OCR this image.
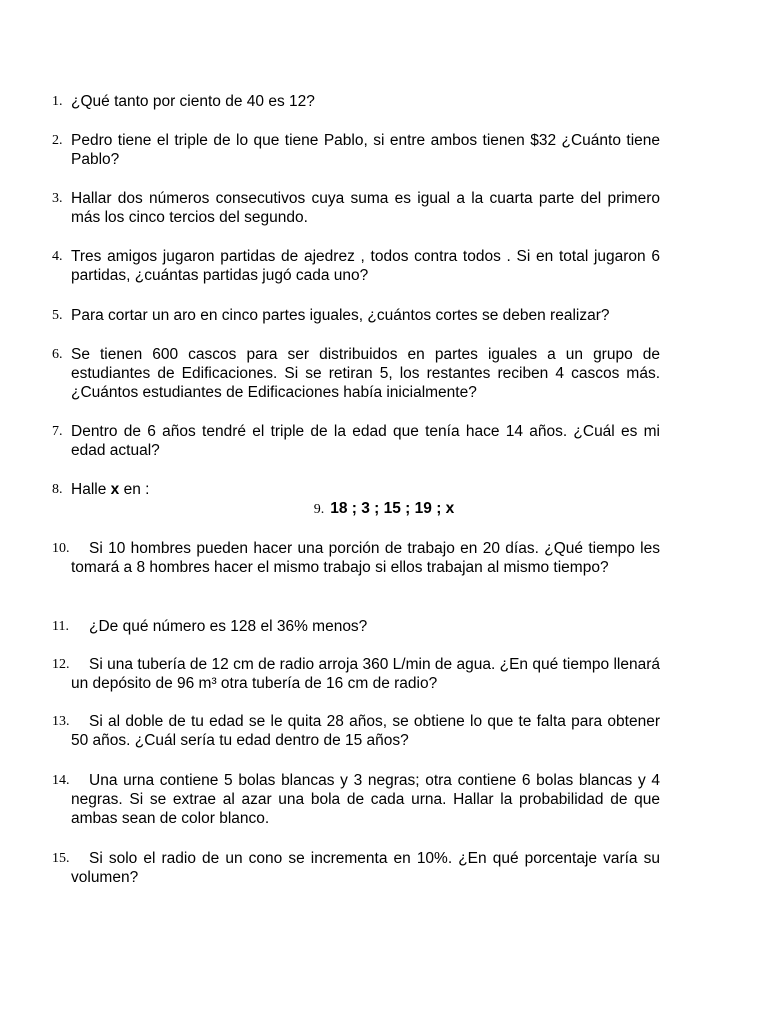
1. ¿Qué tanto por ciento de 40 es 12?
2. Pedro tiene el triple de lo que tiene Pablo, si entre ambos tienen $32 ¿Cuánto tiene Pablo?
3. Hallar dos números consecutivos cuya suma es igual a la cuarta parte del primero más los cinco tercios del segundo.
4. Tres amigos jugaron partidas de ajedrez , todos contra todos . Si en total jugaron 6 partidas, ¿cuántas partidas jugó cada uno?
5. Para cortar un aro en cinco partes iguales, ¿cuántos cortes se deben realizar?
6. Se tienen 600 cascos para ser distribuidos en partes iguales a un grupo de estudiantes de Edificaciones. Si se retiran 5, los restantes reciben 4 cascos más. ¿Cuántos estudiantes de Edificaciones había inicialmente?
7. Dentro de 6 años tendré el triple de la edad que tenía hace 14 años. ¿Cuál es mi edad actual?
8. Halle x en :
9. 18 ; 3 ; 15 ; 19 ; x
10.	Si 10 hombres pueden hacer una porción de trabajo en 20 días. ¿Qué tiempo les tomará a 8 hombres hacer el mismo trabajo si ellos trabajan al mismo tiempo?
11.	¿De qué número es 128 el 36% menos?
12.	Si una tubería de 12 cm de radio arroja 360 L/min de agua. ¿En qué tiempo llenará un depósito de 96 m³ otra tubería de 16 cm de radio?
13.	Si al doble de tu edad se le quita 28 años, se obtiene lo que te falta para obtener 50 años. ¿Cuál sería tu edad dentro de 15 años?
14.	Una urna contiene 5 bolas blancas y 3 negras; otra contiene 6 bolas blancas y 4 negras. Si se extrae al azar una bola de cada urna. Hallar la probabilidad de que ambas sean de color blanco.
15.	Si solo el radio de un cono se incrementa en 10%. ¿En qué porcentaje varía su volumen?
